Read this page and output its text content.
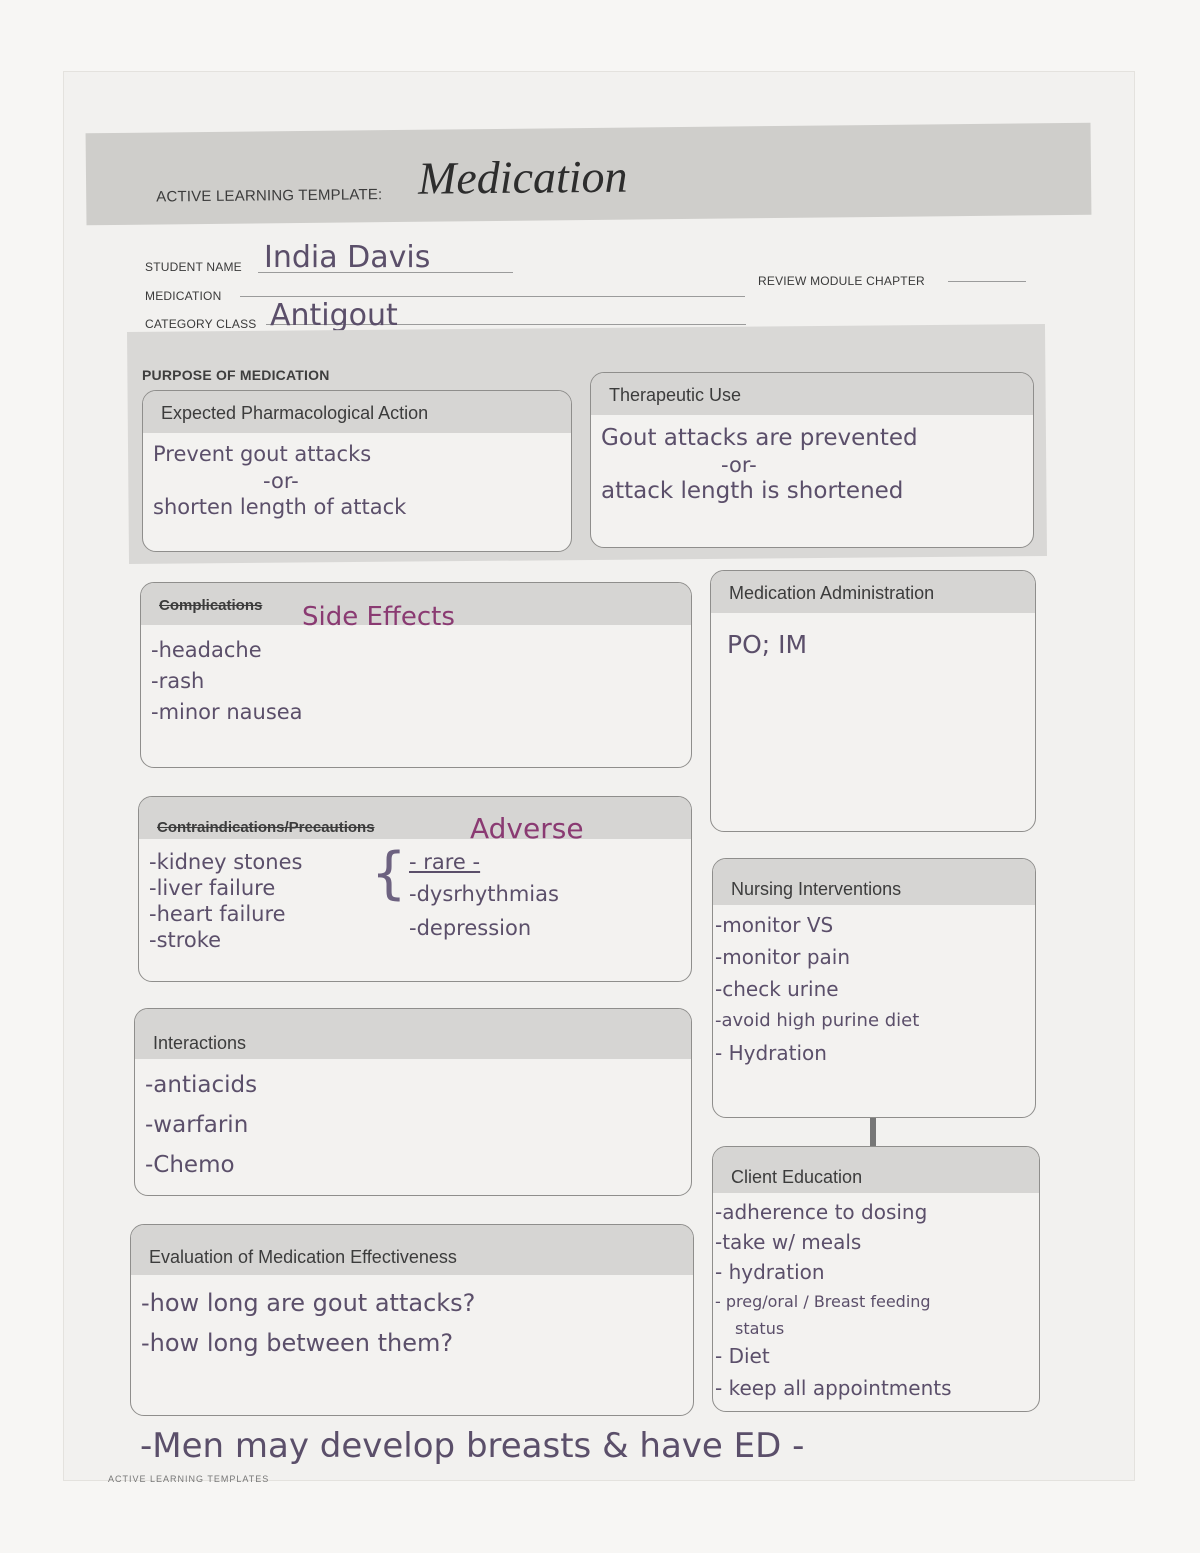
ACTIVE LEARNING TEMPLATE: Medication
STUDENT NAME India Davis
MEDICATION
REVIEW MODULE CHAPTER
CATEGORY CLASS Antigout
PURPOSE OF MEDICATION
Expected Pharmacological Action
Prevent gout attacks
-or-
shorten length of attack
Therapeutic Use
Gout attacks are prevented
-or-
attack length is shortened
Complications
-headache
-rash
-minor nausea
Side Effects
Medication Administration
PO; IM
Contraindications/Precautions
-kidney stones
-liver failure
-heart failure
-stroke
- rare -
-dysrhythmias
-depression
{
Adverse
Nursing Interventions
-monitor VS
-monitor pain
-check urine
-avoid high purine diet
- Hydration
Interactions
-antiacids
-warfarin
-Chemo	Client Education
-adherence to dosing
-take w/ meals
- hydration
- preg/oral / Breast feeding
status
- Diet
- keep all appointments
Evaluation of Medication Effectiveness
-how long are gout attacks?
-how long between them?
-Men may develop breasts & have ED -
ACTIVE LEARNING TEMPLATES
